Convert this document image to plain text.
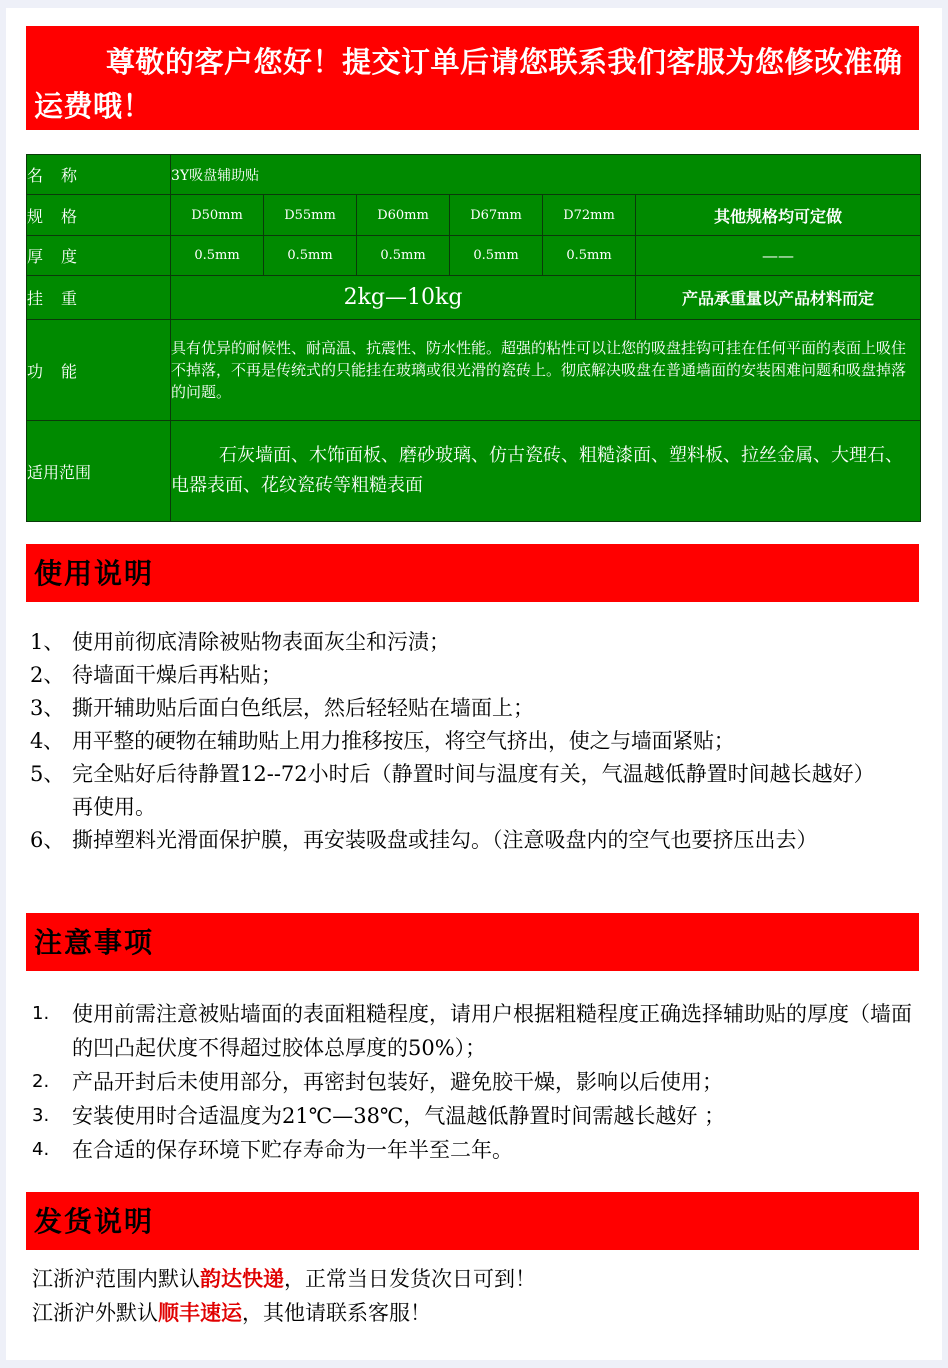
尊敬的客户您好！提交订单后请您联系我们客服为您修改准确运费哦！
名　称	3Y吸盘辅助贴					
规　格	D50mm	D55mm	D60mm	D67mm	D72mm	其他规格均可定做
厚　度	0.5mm	0.5mm	0.5mm	0.5mm	0.5mm	——
挂　重	2kg—10kg					产品承重量以产品材料而定
功　能	具有优异的耐候性、耐高温、抗震性、防水性能。超强的粘性可以让您的吸盘挂钩可挂在任何平面的表面上吸住不掉落，不再是传统式的只能挂在玻璃或很光滑的瓷砖上。彻底解决吸盘在普通墙面的安装困难问题和吸盘掉落的问题。					
适用范围	石灰墙面、木饰面板、磨砂玻璃、仿古瓷砖、粗糙漆面、塑料板、拉丝金属、大理石、电器表面、花纹瓷砖等粗糙表面					
使用说明
1、 使用前彻底清除被贴物表面灰尘和污渍；
2、 待墙面干燥后再粘贴；
3、 撕开辅助贴后面白色纸层，然后轻轻贴在墙面上；
4、 用平整的硬物在辅助贴上用力推移按压，将空气挤出，使之与墙面紧贴；
5、 完全贴好后待静置12--72小时后（静置时间与温度有关，气温越低静置时间越长越好）再使用。
6、 撕掉塑料光滑面保护膜，再安装吸盘或挂勾。（注意吸盘内的空气也要挤压出去）
注意事项
1. 使用前需注意被贴墙面的表面粗糙程度，请用户根据粗糙程度正确选择辅助贴的厚度（墙面的凹凸起伏度不得超过胶体总厚度的50%）；
2. 产品开封后未使用部分，再密封包装好，避免胶干燥，影响以后使用；
3. 安装使用时合适温度为21℃—38℃，气温越低静置时间需越长越好 ；
4. 在合适的保存环境下贮存寿命为一年半至二年。
发货说明
江浙沪范围内默认韵达快递，正常当日发货次日可到！
江浙沪外默认顺丰速运，其他请联系客服！
